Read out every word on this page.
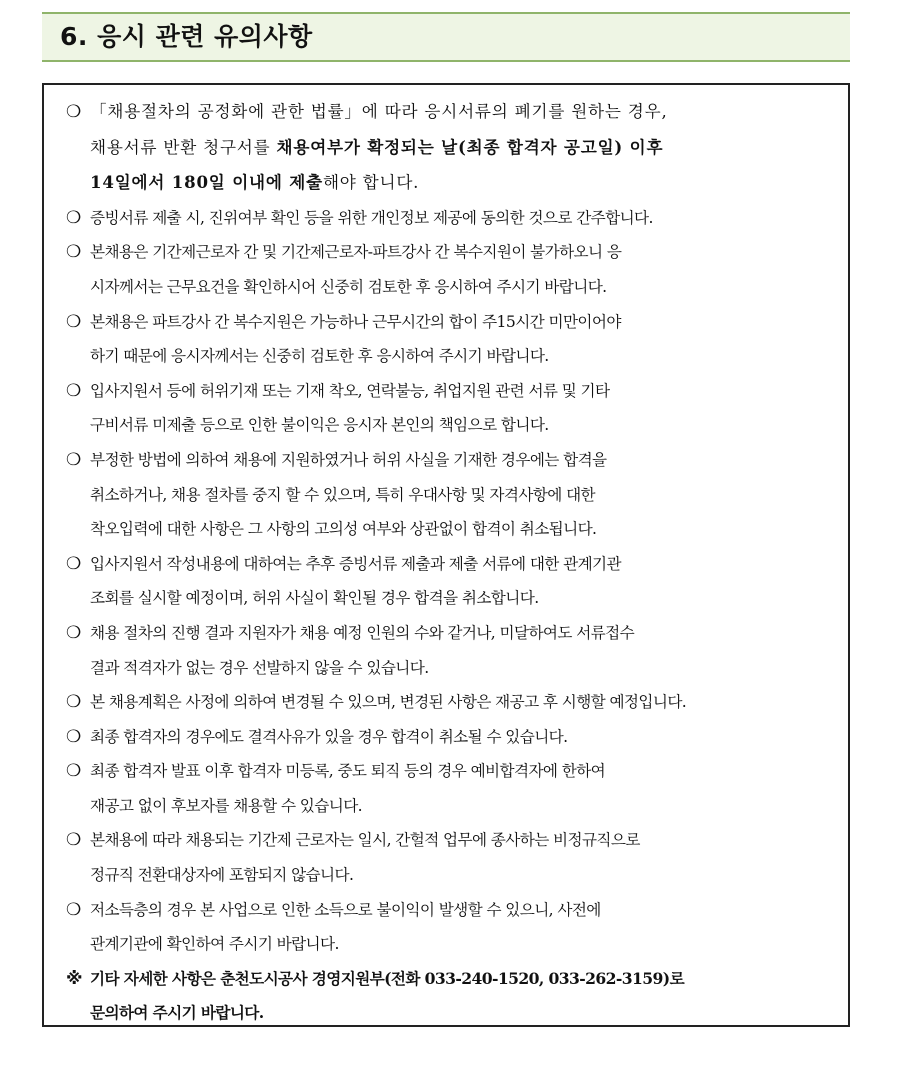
6. 응시 관련 유의사항
❍ 「채용절차의 공정화에 관한 법률」에 따라 응시서류의 폐기를 원하는 경우,
채용서류 반환 청구서를 채용여부가 확정되는 날(최종 합격자 공고일) 이후
14일에서 180일 이내에 제출해야 합니다.
❍ 증빙서류 제출 시, 진위여부 확인 등을 위한 개인정보 제공에 동의한 것으로 간주합니다.
❍ 본채용은 기간제근로자 간 및 기간제근로자-파트강사 간 복수지원이 불가하오니 응
시자께서는 근무요건을 확인하시어 신중히 검토한 후 응시하여 주시기 바랍니다.
❍ 본채용은 파트강사 간 복수지원은 가능하나 근무시간의 합이 주15시간 미만이어야
하기 때문에 응시자께서는 신중히 검토한 후 응시하여 주시기 바랍니다.
❍ 입사지원서 등에 허위기재 또는 기재 착오, 연락불능, 취업지원 관련 서류 및 기타
구비서류 미제출 등으로 인한 불이익은 응시자 본인의 책임으로 합니다.
❍ 부정한 방법에 의하여 채용에 지원하였거나 허위 사실을 기재한 경우에는 합격을
취소하거나, 채용 절차를 중지 할 수 있으며, 특히 우대사항 및 자격사항에 대한
착오입력에 대한 사항은 그 사항의 고의성 여부와 상관없이 합격이 취소됩니다.
❍ 입사지원서 작성내용에 대하여는 추후 증빙서류 제출과 제출 서류에 대한 관계기관
조회를 실시할 예정이며, 허위 사실이 확인될 경우 합격을 취소합니다.
❍ 채용 절차의 진행 결과 지원자가 채용 예정 인원의 수와 같거나, 미달하여도 서류접수
결과 적격자가 없는 경우 선발하지 않을 수 있습니다.
❍ 본 채용계획은 사정에 의하여 변경될 수 있으며, 변경된 사항은 재공고 후 시행할 예정입니다.
❍ 최종 합격자의 경우에도 결격사유가 있을 경우 합격이 취소될 수 있습니다.
❍ 최종 합격자 발표 이후 합격자 미등록, 중도 퇴직 등의 경우 예비합격자에 한하여
재공고 없이 후보자를 채용할 수 있습니다.
❍ 본채용에 따라 채용되는 기간제 근로자는 일시, 간헐적 업무에 종사하는 비정규직으로
정규직 전환대상자에 포함되지 않습니다.
❍ 저소득층의 경우 본 사업으로 인한 소득으로 불이익이 발생할 수 있으니, 사전에
관계기관에 확인하여 주시기 바랍니다.
※ 기타 자세한 사항은 춘천도시공사 경영지원부(전화 033-240-1520, 033-262-3159)로
문의하여 주시기 바랍니다.
